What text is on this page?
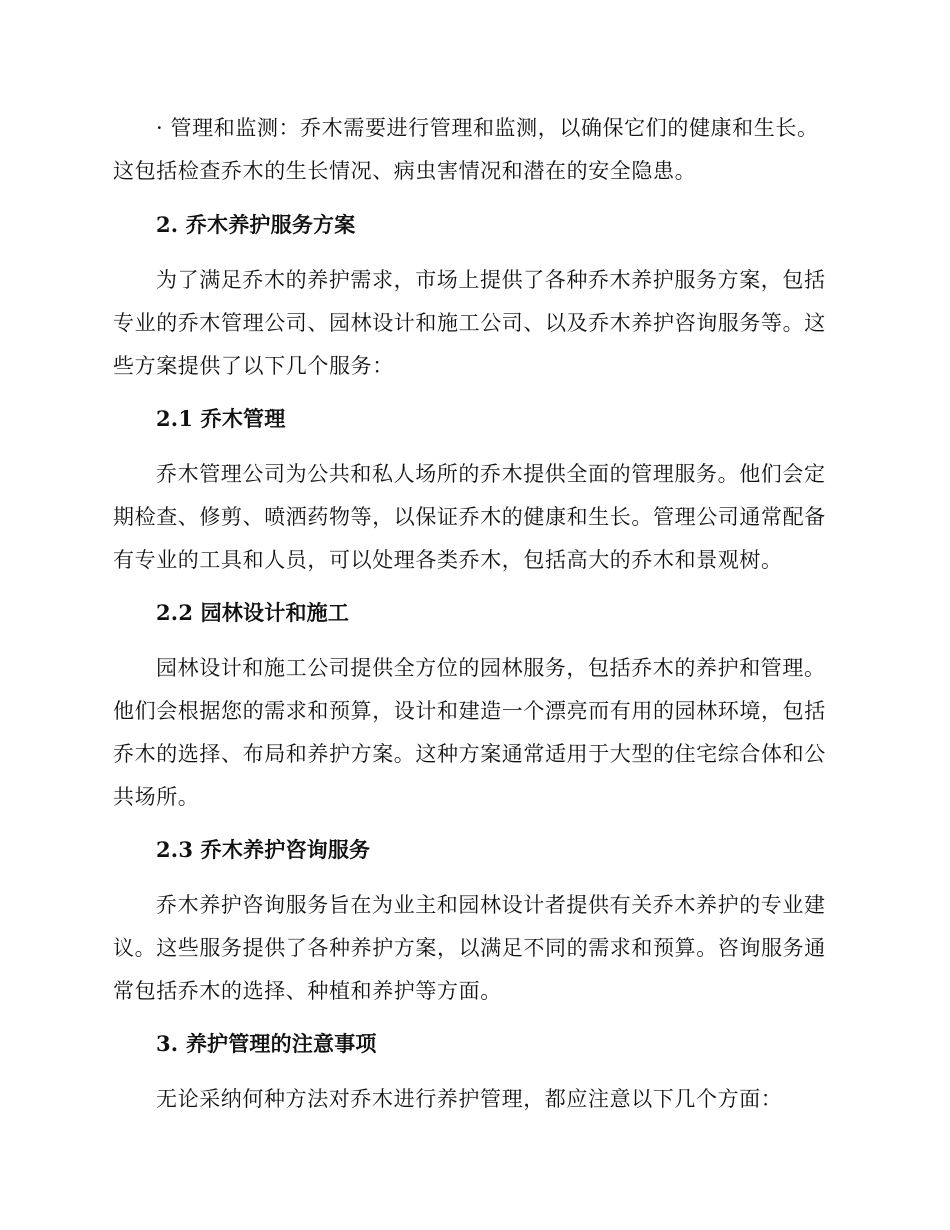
· 管理和监测：乔木需要进行管理和监测，以确保它们的健康和生长。
这包括检查乔木的生长情况、病虫害情况和潜在的安全隐患。
2. 乔木养护服务方案
为了满足乔木的养护需求，市场上提供了各种乔木养护服务方案，包括
专业的乔木管理公司、园林设计和施工公司、以及乔木养护咨询服务等。这
些方案提供了以下几个服务：
2.1 乔木管理
乔木管理公司为公共和私人场所的乔木提供全面的管理服务。他们会定
期检查、修剪、喷洒药物等，以保证乔木的健康和生长。管理公司通常配备
有专业的工具和人员，可以处理各类乔木，包括高大的乔木和景观树。
2.2 园林设计和施工
园林设计和施工公司提供全方位的园林服务，包括乔木的养护和管理。
他们会根据您的需求和预算，设计和建造一个漂亮而有用的园林环境，包括
乔木的选择、布局和养护方案。这种方案通常适用于大型的住宅综合体和公
共场所。
2.3 乔木养护咨询服务
乔木养护咨询服务旨在为业主和园林设计者提供有关乔木养护的专业建
议。这些服务提供了各种养护方案，以满足不同的需求和预算。咨询服务通
常包括乔木的选择、种植和养护等方面。
3. 养护管理的注意事项
无论采纳何种方法对乔木进行养护管理，都应注意以下几个方面：
